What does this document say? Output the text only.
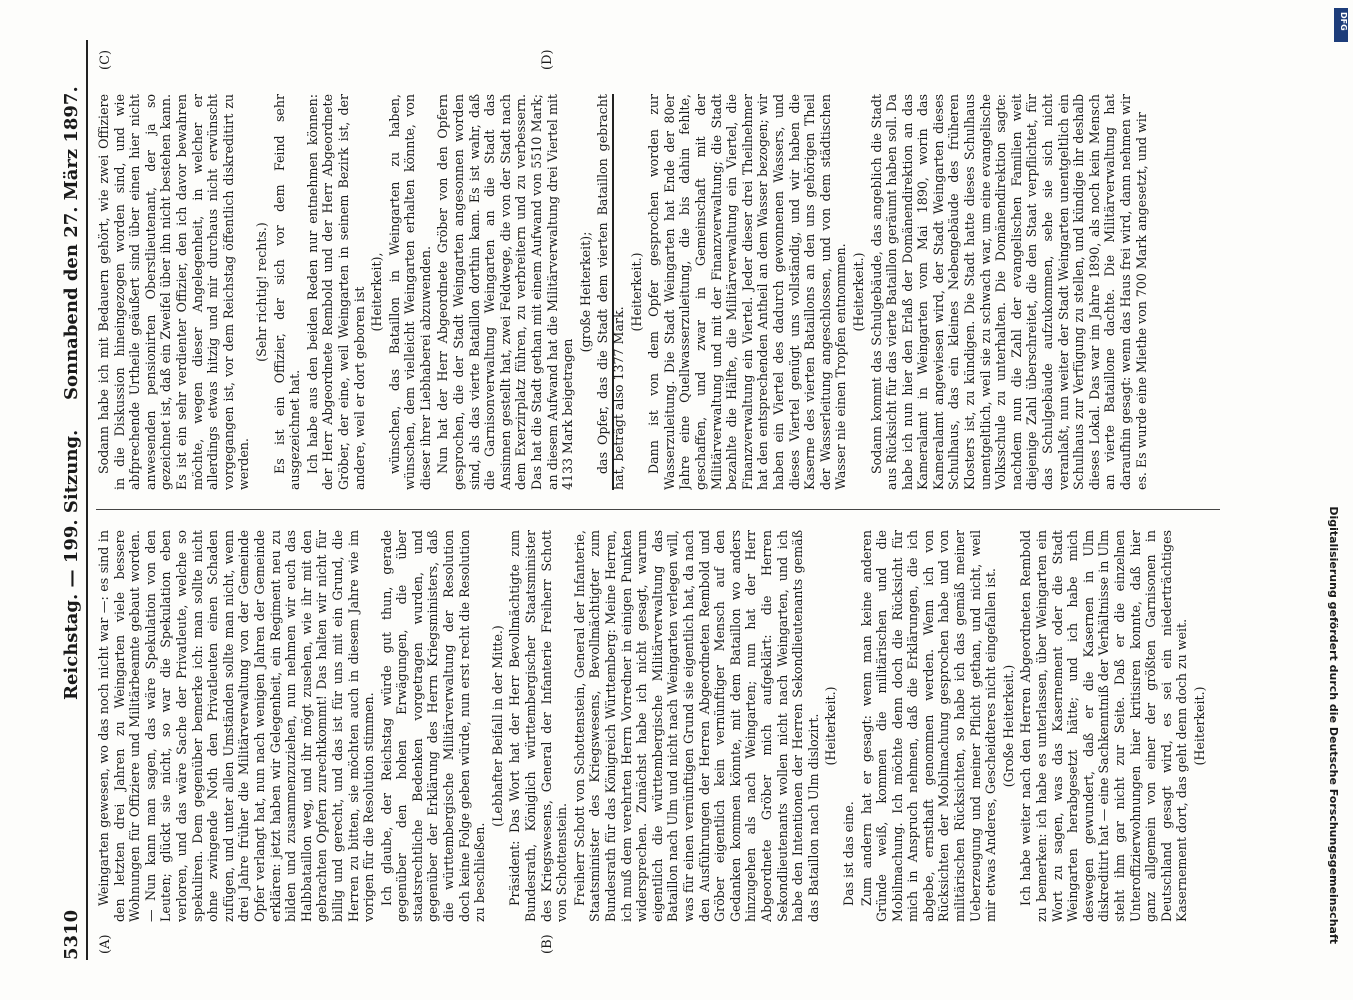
5310
Reichstag. — 199. Sitzung.
Sonnabend den 27. März 1897.
(A)	(B)
(C)	(D)

Weingarten gewesen, wo das noch nicht war —: es sind in den letzten drei Jahren zu Weingarten viele bessere Wohnungen für Offiziere und Militärbeamte gebaut worden. — Nun kann man sagen, das wäre Spekulation von den Leuten; glückt sie nicht, so war die Spekulation eben verloren, und das wäre Sache der Privatleute, welche so spekuliren. Dem gegenüber bemerke ich: man sollte nicht ohne zwingende Noth den Privatleuten einen Schaden zufügen, und unter allen Umständen sollte man nicht, wenn drei Jahre früher die Militärverwaltung von der Gemeinde Opfer verlangt hat, nun nach wenigen Jahren der Gemeinde erklären: jetzt haben wir Gelegenheit, ein Regiment neu zu bilden und zusammenzuziehen, nun nehmen wir euch das Halbbataillon weg, und ihr mögt zusehen, wie ihr mit den gebrachten Opfern zurechtkommt! Das halten wir nicht für billig und gerecht, und das ist für uns mit ein Grund, die Herren zu bitten, sie möchten auch in diesem Jahre wie im vorigen für die Resolution stimmen. Ich glaube, der Reichstag würde gut thun, gerade gegenüber den hohen Erwägungen, die über staatsrechtliche Bedenken vorgetragen wurden, und gegenüber der Erklärung des Herrn Kriegsministers, daß die württembergische Militärverwaltung der Resolution doch keine Folge geben würde, nun erst recht die Resolution zu beschließen.

(Lebhafter Beifall in der Mitte.) Präsident: Das Wort hat der Herr Bevollmächtigte zum Bundesrath, Königlich württembergischer Staatsminister des Kriegswesens, General der Infanterie Freiherr Schott von Schottenstein. Freiherr Schott von Schottenstein, General der Infanterie, Staatsminister des Kriegswesens, Bevollmächtigter zum Bundesrath für das Königreich Württemberg: Meine Herren, ich muß dem verehrten Herrn Vorredner in einigen Punkten widersprechen. Zunächst habe ich nicht gesagt, warum eigentlich die württembergische Militärverwaltung das Bataillon nach Ulm und nicht nach Weingarten verlegen will, was für einen vernünftigen Grund sie eigentlich hat, da nach den Ausführungen der Herren Abgeordneten Rembold und Gröber eigentlich kein vernünftiger Mensch auf den Gedanken kommen könnte, mit dem Bataillon wo anders hinzugehen als nach Weingarten; nun hat der Herr Abgeordnete Gröber mich aufgeklärt: die Herren Sekondlieutenants wollen nicht nach Weingarten, und ich habe den Intentionen der Herren Sekondlieutenants gemäß das Bataillon nach Ulm dislozirt. (Heiterkeit.)

Das ist das eine. Zum andern hat er gesagt: wenn man keine anderen Gründe weiß, kommen die militärischen und die Mobilmachung. Ich möchte denn doch die Rücksicht für mich in Anspruch nehmen, daß die Erklärungen, die ich abgebe, ernsthaft genommen werden. Wenn ich von Rücksichten der Mobilmachung gesprochen habe und von militärischen Rücksichten, so habe ich das gemäß meiner Ueberzeugung und meiner Pflicht gethan, und nicht, weil mir etwas Anderes, Gescheidteres nicht eingefallen ist. (Große Heiterkeit.) Ich habe weiter nach den Herren Abgeordneten Rembold zu bemerken: ich habe es unterlassen, über Weingarten ein Wort zu sagen, was das Kasernement oder die Stadt Weingarten herabgesetzt hätte; und ich habe mich deswegen gewundert, daß er die Kasernen in Ulm diskreditirt hat — eine Sachkenntniß der Verhältnisse in Ulm steht ihm gar nicht zur Seite. Daß er die einzelnen Unteroffizierwohnungen hier kritisiren konnte, daß hier ganz allgemein von einer der größten Garnisonen in Deutschland gesagt wird, es sei ein niederträchtiges Kasernement dort, das geht denn doch zu weit. (Heiterkeit.)

Sodann habe ich mit Bedauern gehört, wie zwei Offiziere in die Diskussion hineingezogen worden sind, und wie abfprechende Urtheile geäußert sind über einen hier nicht anwesenden pensionirten Oberstlieutenant, der ja so gezeichnet ist, daß ein Zweifel über ihn nicht bestehen kann. Es ist ein sehr verdienter Offizier, den ich davor bewahren möchte, wegen dieser Angelegenheit, in welcher er allerdings etwas hitzig und mir durchaus nicht erwünscht vorgegangen ist, vor dem Reichstag öffentlich diskreditirt zu werden.

(Sehr richtig! rechts.) Es ist ein Offizier, der sich vor dem Feind sehr ausgezeichnet hat. Ich habe aus den beiden Reden nur entnehmen können: der Herr Abgeordnete Rembold und der Herr Abgeordnete Gröber, der eine, weil Weingarten in seinem Bezirk ist, der andere, weil er dort geboren ist (Heiterkeit), wünschen, das Bataillon in Weingarten zu haben, wünschen, dem vielleicht Weingarten erhalten könnte, von dieser ihrer Liebhaberei abzuwenden. Nun hat der Herr Abgeordnete Gröber von den Opfern gesprochen, die der Stadt Weingarten angesonnen worden sind, als das vierte Bataillon dorthin kam. Es ist wahr, daß die Garnisonverwaltung Weingarten an die Stadt das Ansinnen gestellt hat, zwei Feldwege, die von der Stadt nach dem Exerzirplatz führen, zu verbreitern und zu verbessern. Das hat die Stadt gethan mit einem Aufwand von 5510 Mark; an diesem Aufwand hat die Militärverwaltung drei Viertel mit 4133 Mark beigetragen

(große Heiterkeit); das Opfer, das die Stadt dem vierten Bataillon gebracht hat, beträgt also 1377 Mark.

(Heiterkeit.) Dann ist von dem Opfer gesprochen worden zur Wasserzuleitung. Die Stadt Weingarten hat Ende der 80er Jahre eine Quellwasserzuleitung, die bis dahin fehlte, geschaffen, und zwar in Gemeinschaft mit der Militärverwaltung und mit der Finanzverwaltung; die Stadt bezahlte die Hälfte, die Militärverwaltung ein Viertel, die Finanzverwaltung ein Viertel. Jeder dieser drei Theilnehmer hat den entsprechenden Antheil an dem Wasser bezogen; wir haben ein Viertel des dadurch gewonnenen Wassers, und dieses Viertel genügt uns vollständig, und wir haben die Kaserne des vierten Bataillons an den uns gehörigen Theil der Wasserleitung angeschlossen, und von dem städtischen Wasser nie einen Tropfen entnommen. (Heiterkeit.) Sodann kommt das Schulgebäude, das angeblich die Stadt aus Rücksicht für das vierte Bataillon geräumt haben soll. Da habe ich nun hier den Erlaß der Domänendirektion an das Kameralamt in Weingarten vom Mai 1890, worin das Kameralamt angewiesen wird, der Stadt Weingarten dieses Schulhaus, das ein kleines Nebengebäude des früheren Klosters ist, zu kündigen. Die Stadt hatte dieses Schulhaus unentgeltlich, weil sie zu schwach war, um eine evangelische Volksschule zu unterhalten. Die Domänendirektion sagte: nachdem nun die Zahl der evangelischen Familien weit diejenige Zahl überschreitet, die den Staat verpflichtet, für das Schulgebäude aufzukommen, sehe sie sich nicht veranlaßt, nun weiter der Stadt Weingarten unentgeltlich ein Schulhaus zur Verfügung zu stellen, und kündige ihr deshalb dieses Lokal. Das war im Jahre 1890, als noch kein Mensch an vierte Bataillone dachte. Die Militärverwaltung hat daraufhin gesagt: wenn das Haus frei wird, dann nehmen wir es. Es wurde eine Miethe von 700 Mark angesetzt, und wir

Digitalisierung gefördert durch die Deutsche Forschungsgemeinschaft
DFG
